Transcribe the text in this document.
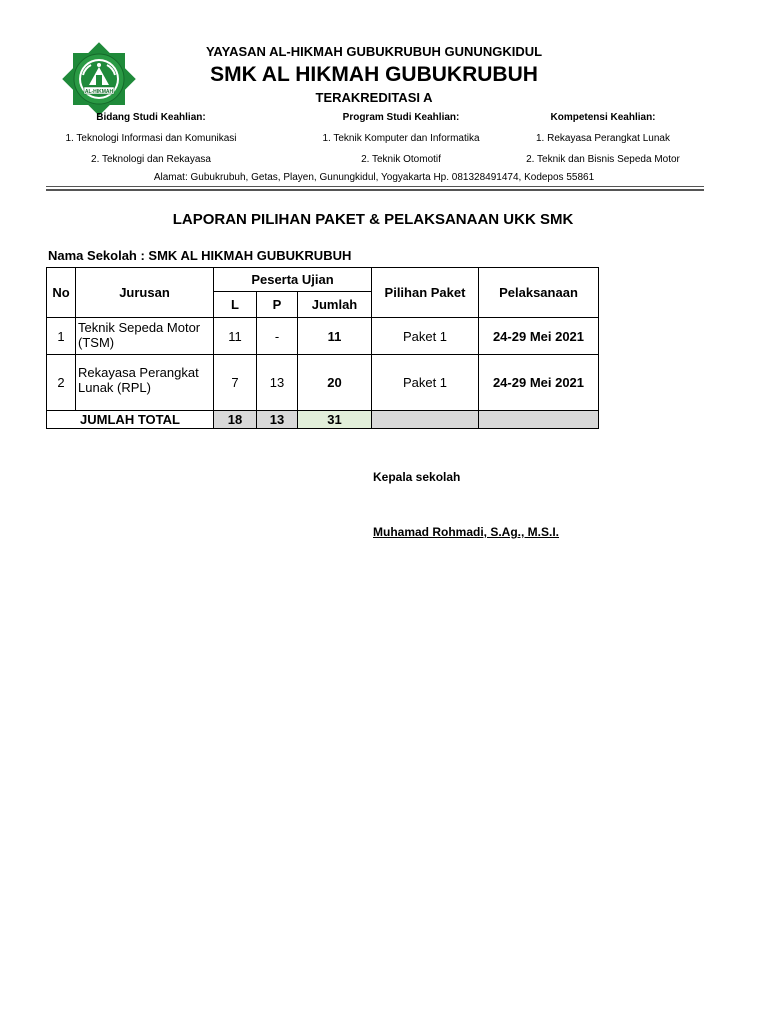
AL-HIKMAH
YAYASAN AL-HIKMAH GUBUKRUBUH GUNUNGKIDUL
SMK AL HIKMAH GUBUKRUBUH
TERAKREDITASI A
Bidang Studi Keahlian:	Program Studi Keahlian:	Kompetensi Keahlian:
1. Teknologi Informasi dan Komunikasi	1. Teknik Komputer dan Informatika	1. Rekayasa Perangkat Lunak
2. Teknologi dan Rekayasa	2. Teknik Otomotif	2. Teknik dan Bisnis Sepeda Motor
Alamat: Gubukrubuh, Getas, Playen, Gunungkidul, Yogyakarta Hp. 081328491474, Kodepos 55861
LAPORAN PILIHAN PAKET & PELAKSANAAN UKK SMK
Nama Sekolah : SMK AL HIKMAH GUBUKRUBUH
No	Jurusan	Peserta Ujian			Pilihan Paket	Pelaksanaan
		L	P	Jumlah		
1	Teknik Sepeda Motor (TSM)	11	-	11	Paket 1	24-29 Mei 2021
2	Rekayasa Perangkat Lunak (RPL)	7	13	20	Paket 1	24-29 Mei 2021
JUMLAH TOTAL		18	13	31		
Kepala sekolah
Muhamad Rohmadi, S.Ag., M.S.I.
